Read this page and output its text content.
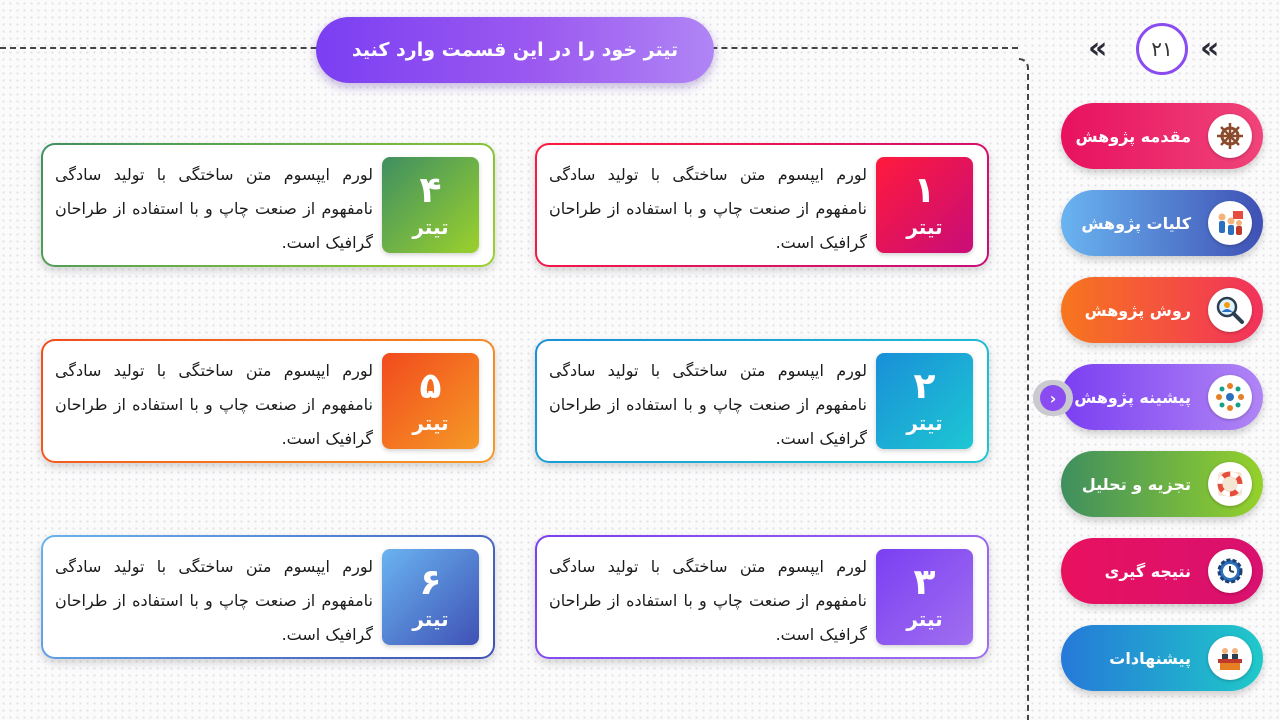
تیتر خود را در این قسمت وارد کنید	«	۲۱ «
مقدمه پژوهش
کلیات پژوهش
روش پژوهش
پیشینه پژوهش
تجزیه و تحلیل
نتیجه گیری
پیشنهادات
›
۱
تیتر
لورم ایپسوم متن ساختگی با تولید سادگی نامفهوم از صنعت چاپ و با استفاده از طراحان گرافیک است.
۲
تیتر
لورم ایپسوم متن ساختگی با تولید سادگی نامفهوم از صنعت چاپ و با استفاده از طراحان گرافیک است.
۳
تیتر
لورم ایپسوم متن ساختگی با تولید سادگی نامفهوم از صنعت چاپ و با استفاده از طراحان گرافیک است.
۴
تیتر
لورم ایپسوم متن ساختگی با تولید سادگی نامفهوم از صنعت چاپ و با استفاده از طراحان گرافیک است.
۵
تیتر
لورم ایپسوم متن ساختگی با تولید سادگی نامفهوم از صنعت چاپ و با استفاده از طراحان گرافیک است.
۶
تیتر
لورم ایپسوم متن ساختگی با تولید سادگی نامفهوم از صنعت چاپ و با استفاده از طراحان گرافیک است.
